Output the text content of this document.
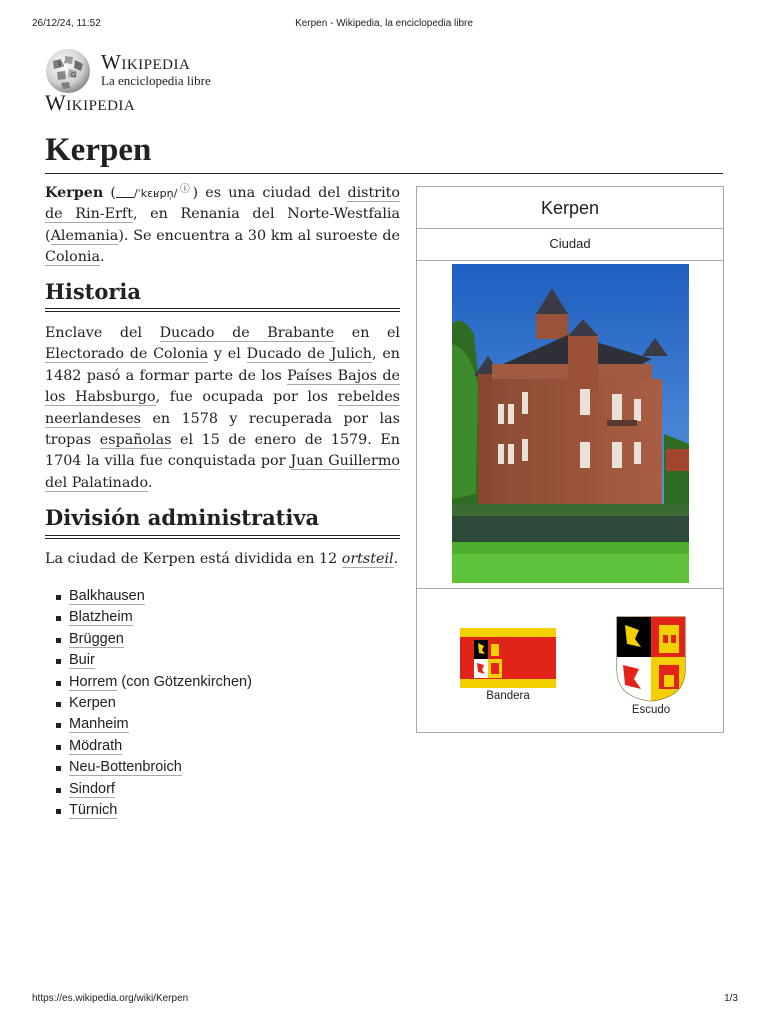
26/12/24, 11:52	Kerpen - Wikipedia, la enciclopedia libre
W
Ω
Wikipedia
La enciclopedia libre
Wikipedia
Kerpen
Kerpen ( /ˈkɛʁpn̩/ⓘ) es una ciudad del distrito de Rin-Erft, en Renania del Norte-Westfalia (Alemania). Se encuentra a 30 km al suroeste de Colonia.
Historia
Enclave del Ducado de Brabante en el Electorado de Colonia y el Ducado de Julich, en 1482 pasó a formar parte de los Países Bajos de los Habsburgo, fue ocupada por los rebeldes neerlandeses en 1578 y recuperada por las tropas españolas el 15 de enero de 1579. En 1704 la villa fue conquistada por Juan Guillermo del Palatinado.
División administrativa
La ciudad de Kerpen está dividida en 12 ortsteil.
Balkhausen
Blatzheim
Brüggen
Buir
Horrem (con Götzenkirchen)
Kerpen
Manheim
Mödrath
Neu-Bottenbroich
Sindorf
Türnich
Kerpen
Ciudad
Bandera
Escudo
https://es.wikipedia.org/wiki/Kerpen	1/3
